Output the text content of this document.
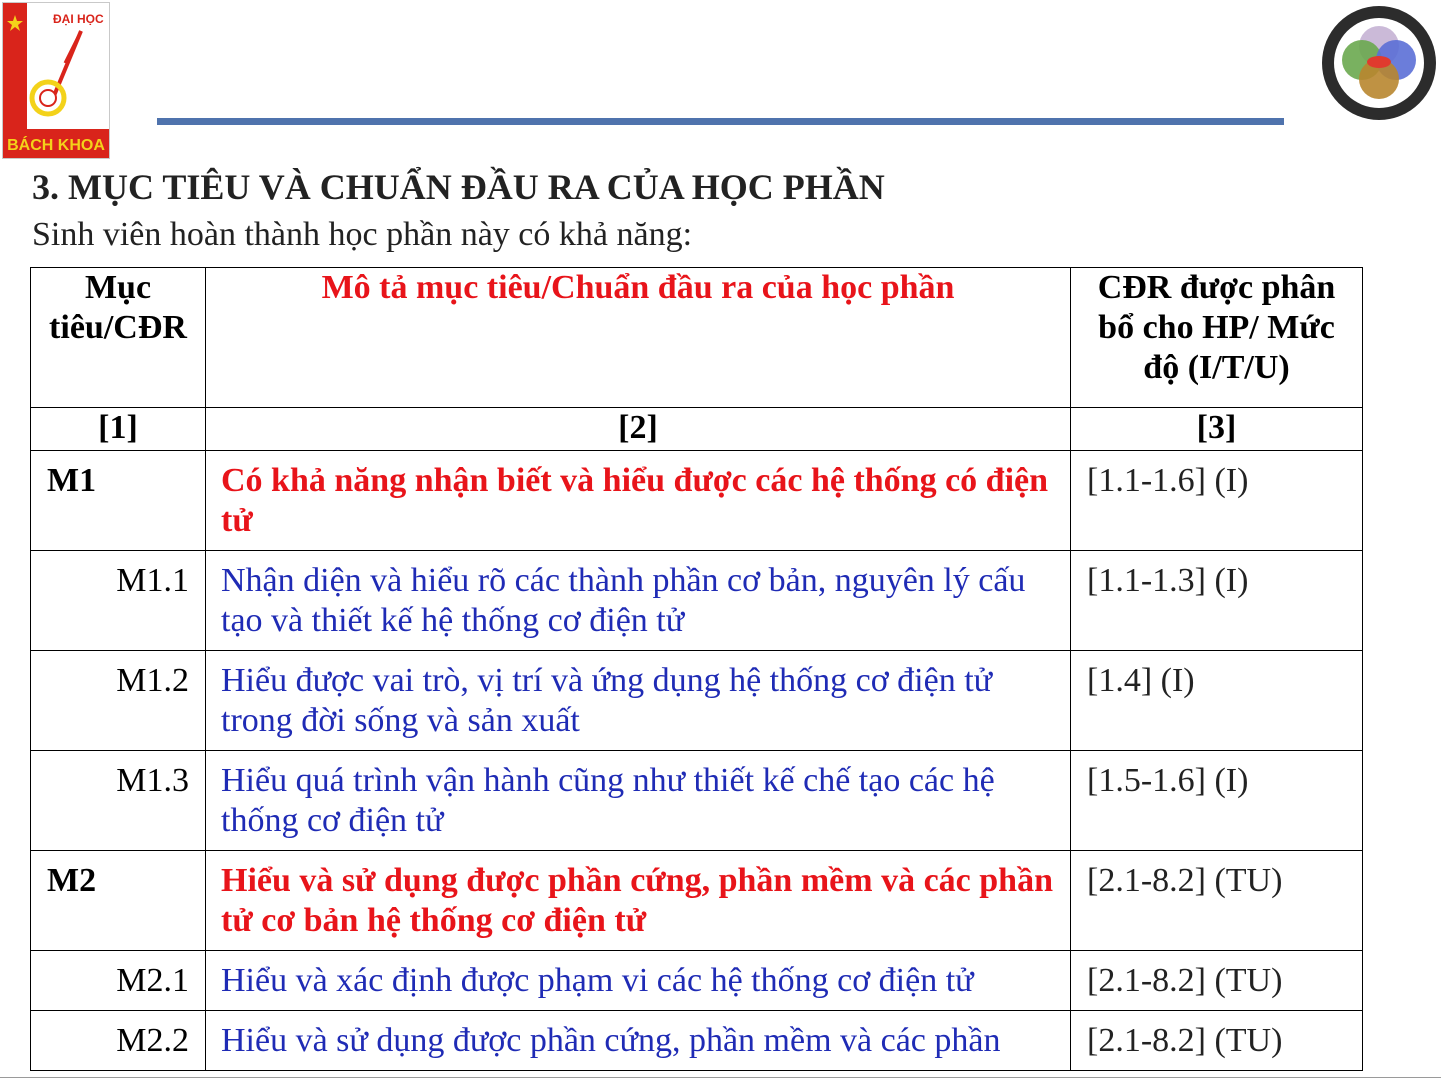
ĐẠI HỌC
BÁCH KHOA
3. MỤC TIÊU VÀ CHUẨN ĐẦU RA CỦA HỌC PHẦN
Sinh viên hoàn thành học phần này có khả năng:
Mục tiêu/CĐR	Mô tả mục tiêu/Chuẩn đầu ra của học phần	CĐR được phân bổ cho HP/ Mức độ (I/T/U)
[1]	[2]	[3]
M1	Có khả năng nhận biết và hiểu được các hệ thống có điện tử	[1.1-1.6] (I)
M1.1	Nhận diện và hiểu rõ các thành phần cơ bản, nguyên lý cấu tạo và thiết kế hệ thống cơ điện tử	[1.1-1.3] (I)
M1.2	Hiểu được vai trò, vị trí và ứng dụng hệ thống cơ điện tử trong đời sống và sản xuất	[1.4] (I)
M1.3	Hiểu quá trình vận hành cũng như thiết kế chế tạo các hệ thống cơ điện tử	[1.5-1.6] (I)
M2	Hiểu và sử dụng được phần cứng, phần mềm và các phần tử cơ bản hệ thống cơ điện tử	[2.1-8.2] (TU)
M2.1	Hiểu và xác định được phạm vi các hệ thống cơ điện tử	[2.1-8.2] (TU)
M2.2	Hiểu và sử dụng được phần cứng, phần mềm và các phần	[2.1-8.2] (TU)
